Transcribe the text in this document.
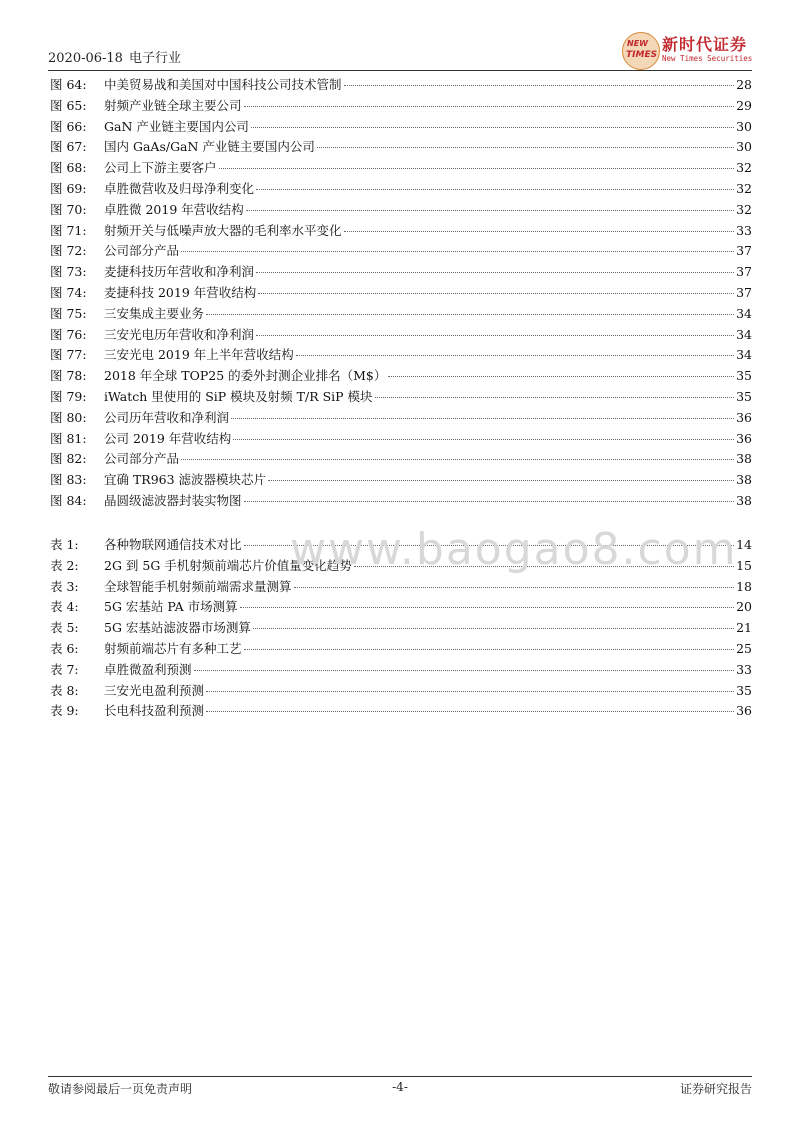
2020-06-18 电子行业
NEW
TIMES
新时代证券
New Times Securities
图 64:	中美贸易战和美国对中国科技公司技术管制	28
图 65:	射频产业链全球主要公司	29
图 66:	GaN 产业链主要国内公司	30
图 67:	国内 GaAs/GaN 产业链主要国内公司	30
图 68:	公司上下游主要客户	32
图 69:	卓胜微营收及归母净利变化	32
图 70:	卓胜微 2019 年营收结构	32
图 71:	射频开关与低噪声放大器的毛利率水平变化	33
图 72:	公司部分产品	37
图 73:	麦捷科技历年营收和净利润	37
图 74:	麦捷科技 2019 年营收结构	37
图 75:	三安集成主要业务	34
图 76:	三安光电历年营收和净利润	34
图 77:	三安光电 2019 年上半年营收结构	34
图 78:	2018 年全球 TOP25 的委外封测企业排名（M$）	35
图 79:	iWatch 里使用的 SiP 模块及射频 T/R SiP 模块	35
图 80:	公司历年营收和净利润	36
图 81:	公司 2019 年营收结构	36
图 82:	公司部分产品	38
图 83:	宜确 TR963 滤波器模块芯片	38
图 84:	晶圆级滤波器封装实物图	38
表 1:	各种物联网通信技术对比	14
表 2:	2G 到 5G 手机射频前端芯片价值量变化趋势	15
表 3:	全球智能手机射频前端需求量测算	18
表 4:	5G 宏基站 PA 市场测算	20
表 5:	5G 宏基站滤波器市场测算	21
表 6:	射频前端芯片有多种工艺	25
表 7:	卓胜微盈利预测	33
表 8:	三安光电盈利预测	35
表 9:	长电科技盈利预测	36
www.baogao8.com
敬请参阅最后一页免责声明	-4-	证券研究报告
